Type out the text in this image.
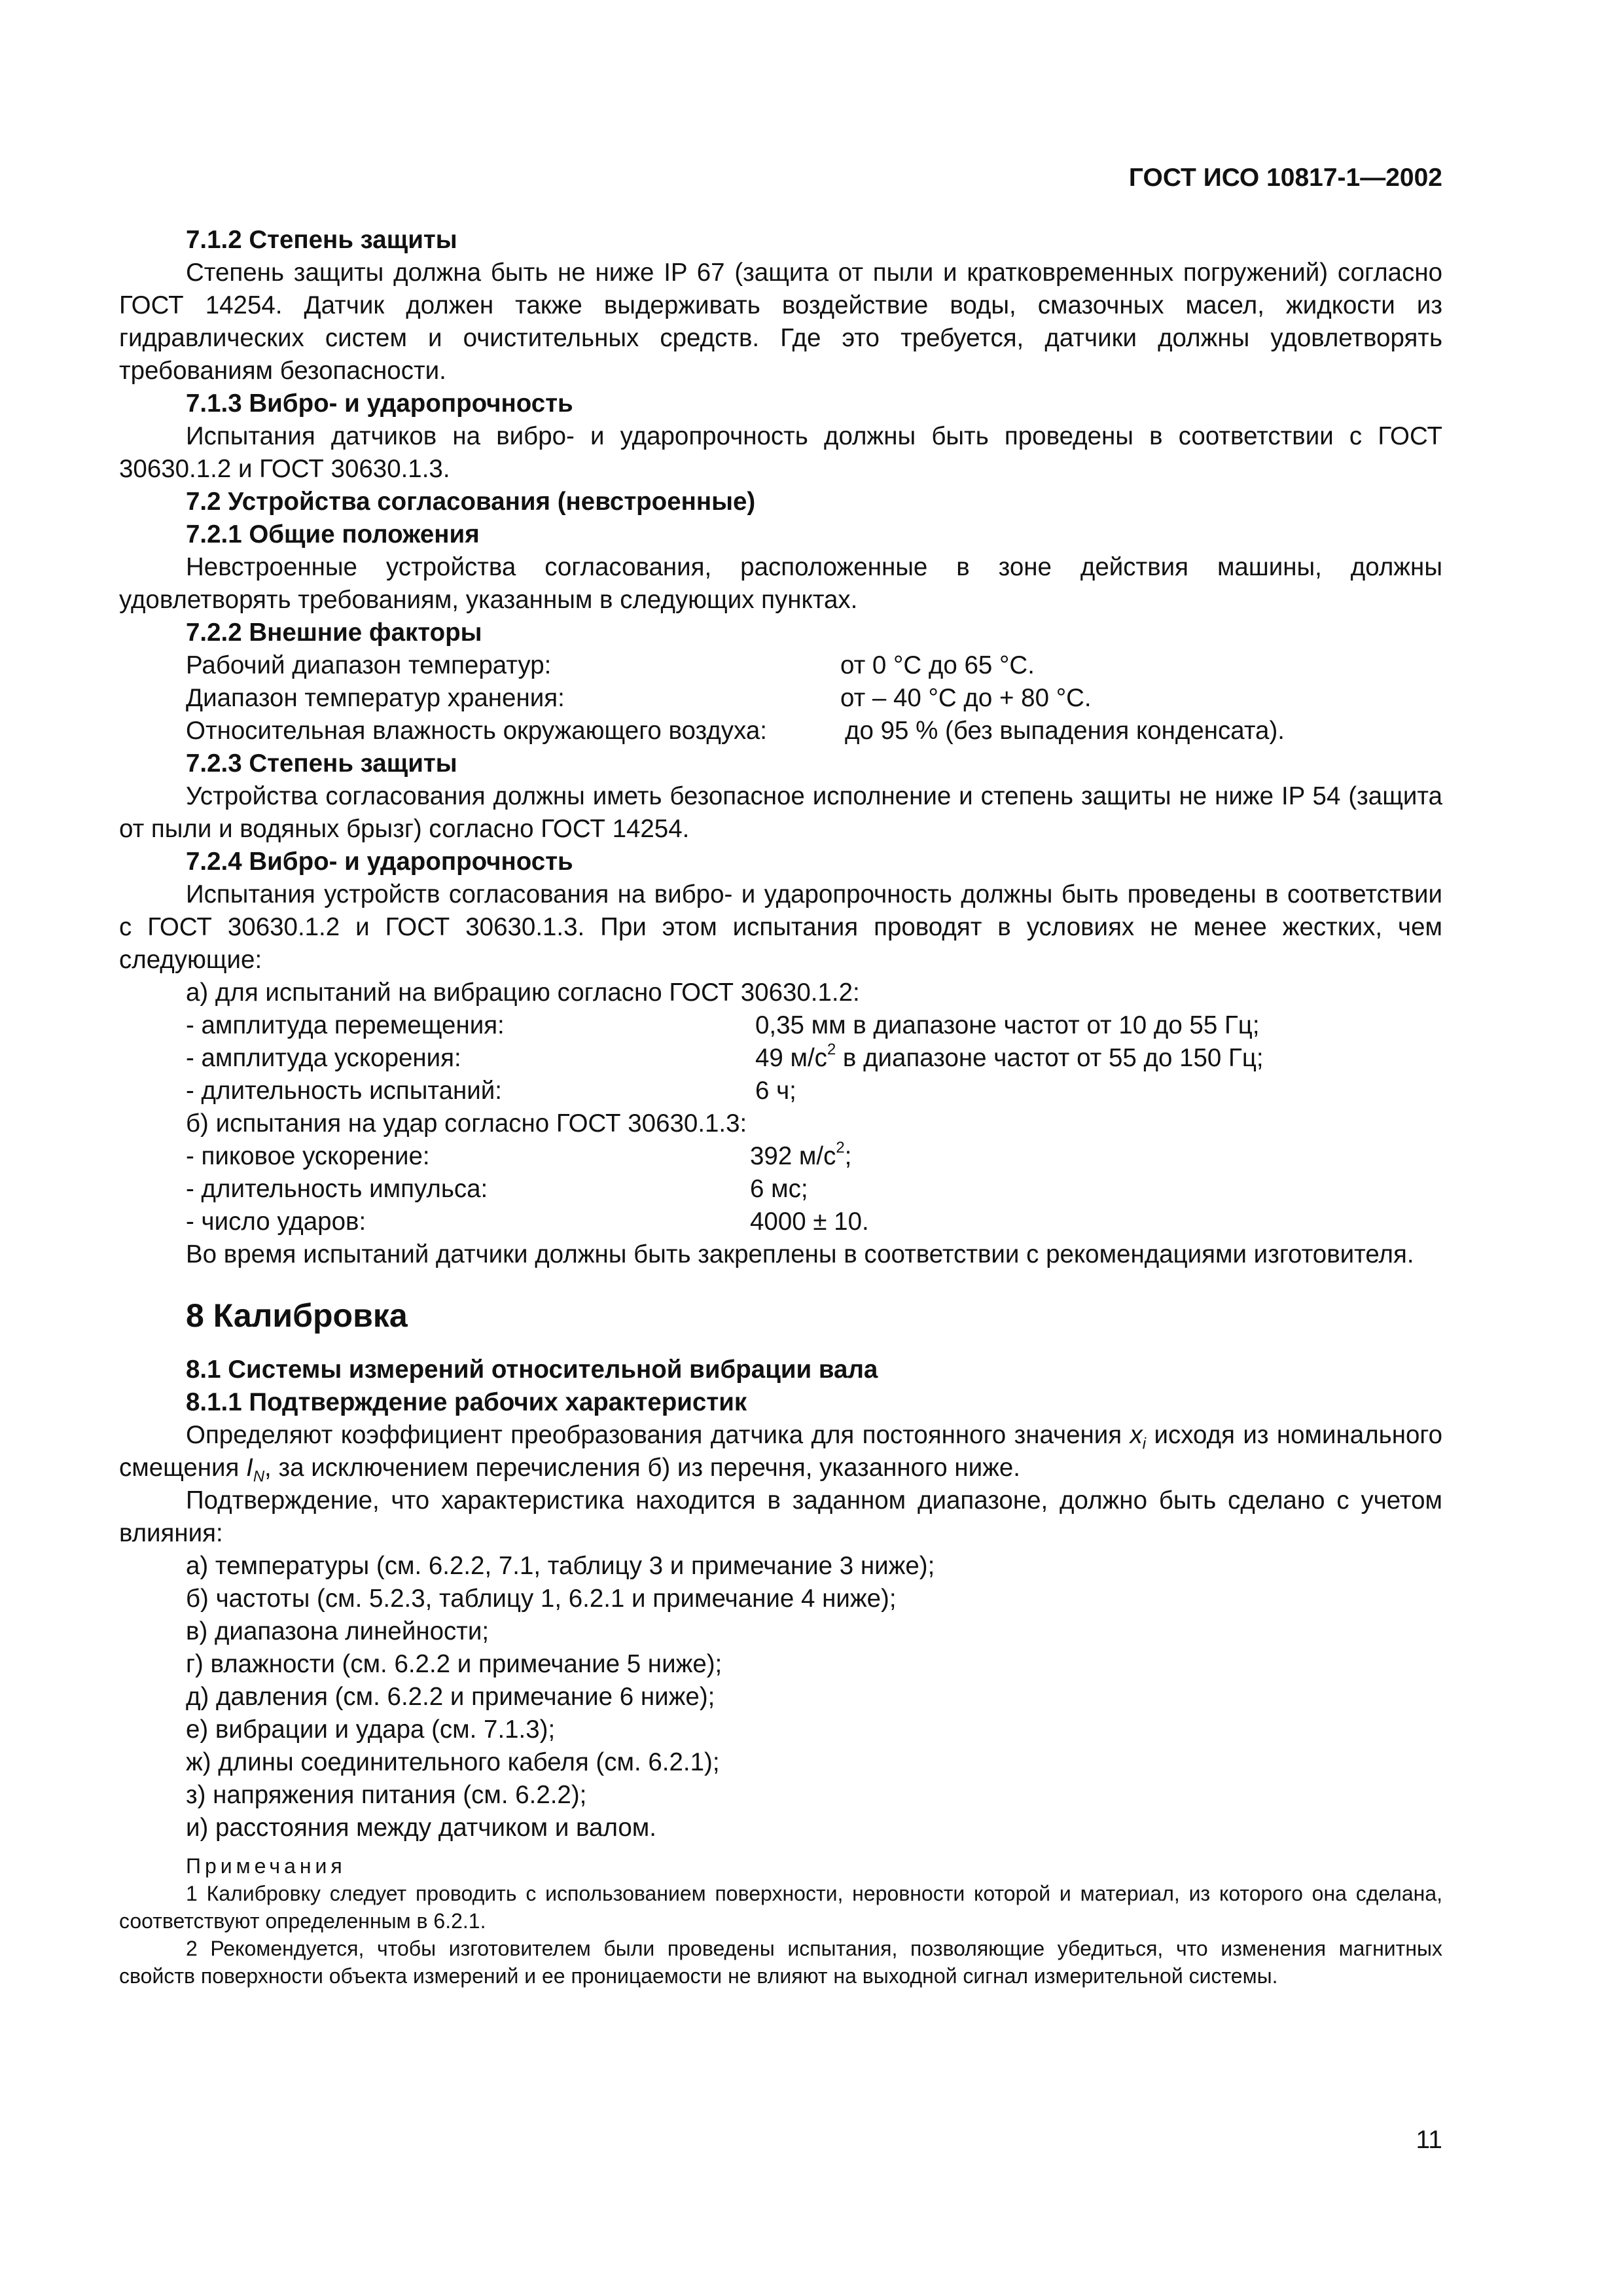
ГОСТ ИСО 10817-1—2002
7.1.2 Степень защиты
Степень защиты должна быть не ниже IP 67 (защита от пыли и кратковременных погружений) согласно ГОСТ 14254. Датчик должен также выдерживать воздействие воды, смазочных масел, жидкости из гидравлических систем и очистительных средств. Где это требуется, датчики должны удовлетворять требованиям безопасности.
7.1.3 Вибро- и ударопрочность
Испытания датчиков на вибро- и ударопрочность должны быть проведены в соответствии с ГОСТ 30630.1.2 и ГОСТ 30630.1.3.
7.2 Устройства согласования (невстроенные)
7.2.1 Общие положения
Невстроенные устройства согласования, расположенные в зоне действия машины, должны удовлетворять требованиям, указанным в следующих пунктах.
7.2.2 Внешние факторы
Рабочий диапазон температур:	от 0 °С до 65 °С.
Диапазон температур хранения:	от – 40 °С до + 80 °С.
Относительная влажность окружающего воздуха:	до 95 % (без выпадения конденсата).
7.2.3 Степень защиты
Устройства согласования должны иметь безопасное исполнение и степень защиты не ниже IP 54 (защита от пыли и водяных брызг) согласно ГОСТ 14254.
7.2.4 Вибро- и ударопрочность
Испытания устройств согласования на вибро- и ударопрочность должны быть проведены в соответствии с ГОСТ 30630.1.2 и ГОСТ 30630.1.3. При этом испытания проводят в условиях не менее жестких, чем следующие:
а) для испытаний на вибрацию согласно ГОСТ 30630.1.2:
- амплитуда перемещения:	0,35 мм в диапазоне частот от 10 до 55 Гц;
- амплитуда ускорения:	49 $м/с^2$ в диапазоне частот от 55 до 150 Гц;
- длительность испытаний:	6 ч;
б) испытания на удар согласно ГОСТ 30630.1.3:
- пиковое ускорение:	392 $м/с^2$;
- длительность импульса:	6 мс;
- число ударов:	4000 ± 10.
Во время испытаний датчики должны быть закреплены в соответствии с рекомендациями изготовителя.
8 Калибровка
8.1 Системы измерений относительной вибрации вала
8.1.1 Подтверждение рабочих характеристик
Определяют коэффициент преобразования датчика для постоянного значения $x_i$ исходя из номинального смещения $I_N$, за исключением перечисления б) из перечня, указанного ниже.
Подтверждение, что характеристика находится в заданном диапазоне, должно быть сделано с учетом влияния:
а) температуры (см. 6.2.2, 7.1, таблицу 3 и примечание 3 ниже);
б) частоты (см. 5.2.3, таблицу 1, 6.2.1 и примечание 4 ниже);
в) диапазона линейности;
г) влажности (см. 6.2.2 и примечание 5 ниже);
д) давления (см. 6.2.2 и примечание 6 ниже);
е) вибрации и удара (см. 7.1.3);
ж) длины соединительного кабеля (см. 6.2.1);
з) напряжения питания (см. 6.2.2);
и) расстояния между датчиком и валом.
Примечания
1 Калибровку следует проводить с использованием поверхности, неровности которой и материал, из которого она сделана, соответствуют определенным в 6.2.1.
2 Рекомендуется, чтобы изготовителем были проведены испытания, позволяющие убедиться, что изменения магнитных свойств поверхности объекта измерений и ее проницаемости не влияют на выходной сигнал измерительной системы.
11
